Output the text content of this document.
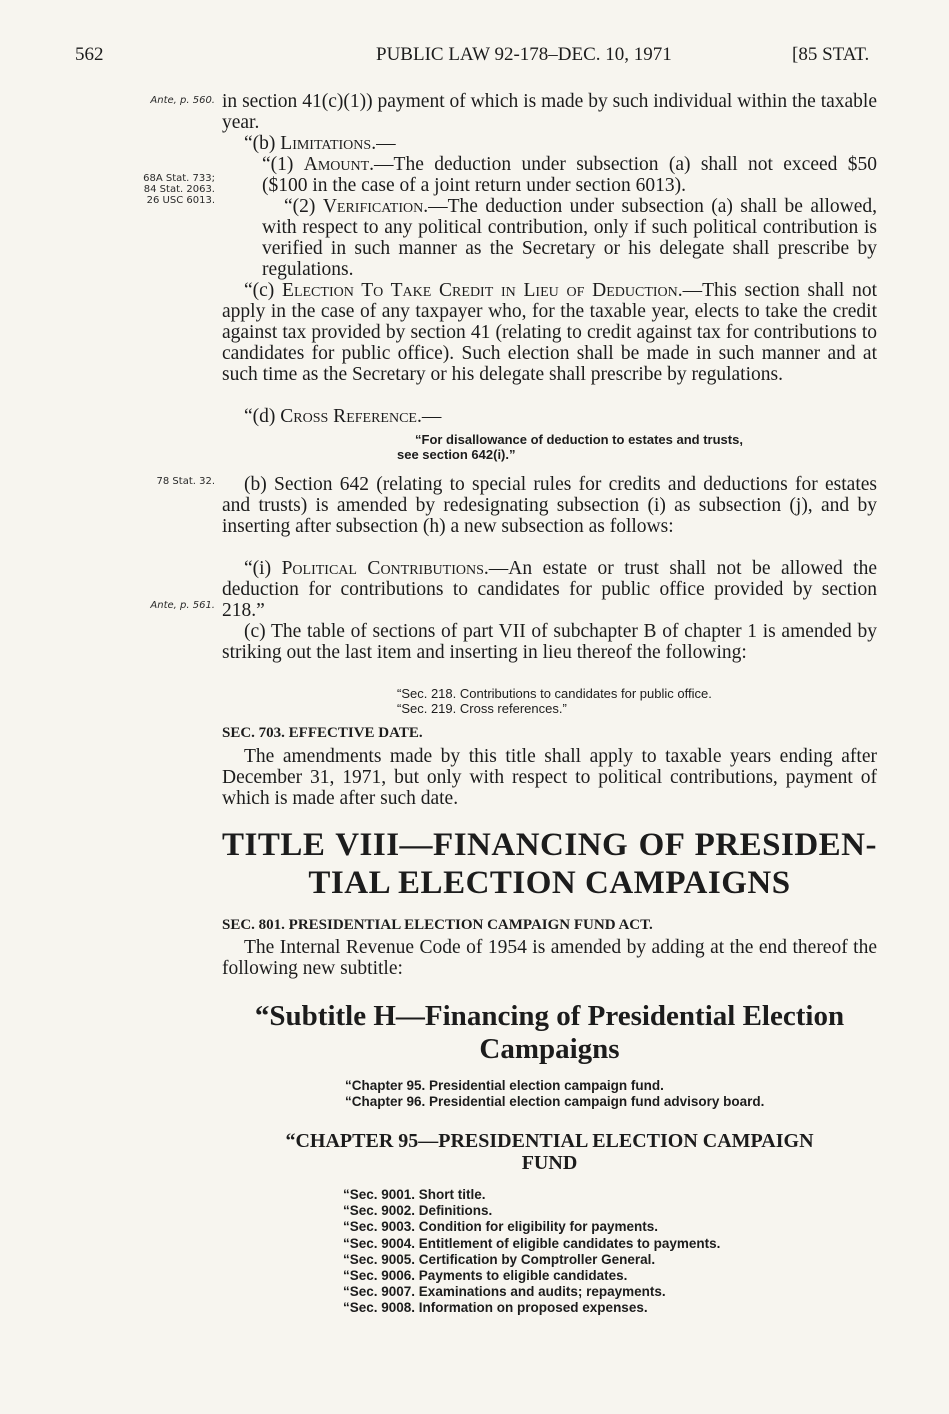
562	PUBLIC LAW 92-178–DEC. 10, 1971	[85 STAT.
Ante, p. 560.
68A Stat. 733;
84 Stat. 2063.
26 USC 6013.
78 Stat. 32.
Ante, p. 561.
in section 41(c)(1)) payment of which is made by such individual within the taxable year.
“(b) Limitations.—
“(1) Amount.—The deduction under subsection (a) shall not exceed $50 ($100 in the case of a joint return under section 6013).
“(2) Verification.—The deduction under subsection (a) shall be allowed, with respect to any political contribution, only if such political contribution is verified in such manner as the Secretary or his delegate shall prescribe by regulations.
“(c) Election To Take Credit in Lieu of Deduction.—This section shall not apply in the case of any taxpayer who, for the taxable year, elects to take the credit against tax provided by section 41 (relating to credit against tax for contributions to candidates for public office). Such election shall be made in such manner and at such time as the Secretary or his delegate shall prescribe by regulations.
“(d) Cross Reference.—
“For disallowance of deduction to estates and trusts,
see section 642(i).”
(b) Section 642 (relating to special rules for credits and deductions for estates and trusts) is amended by redesignating subsection (i) as subsection (j), and by inserting after subsection (h) a new subsection as follows:
“(i) Political Contributions.—An estate or trust shall not be allowed the deduction for contributions to candidates for public office provided by section 218.”
(c) The table of sections of part VII of subchapter B of chapter 1 is amended by striking out the last item and inserting in lieu thereof the following:
“Sec. 218. Contributions to candidates for public office.
“Sec. 219. Cross references.”
SEC. 703. EFFECTIVE DATE.
The amendments made by this title shall apply to taxable years ending after December 31, 1971, but only with respect to political contributions, payment of which is made after such date.
TITLE VIII—FINANCING OF PRESIDEN-
TIAL ELECTION CAMPAIGNS
SEC. 801. PRESIDENTIAL ELECTION CAMPAIGN FUND ACT.
The Internal Revenue Code of 1954 is amended by adding at the end thereof the following new subtitle:
“Subtitle H—Financing of Presidential Election
Campaigns
“Chapter 95. Presidential election campaign fund.
“Chapter 96. Presidential election campaign fund advisory board.
“CHAPTER 95—PRESIDENTIAL ELECTION CAMPAIGN
FUND
“Sec. 9001. Short title.
“Sec. 9002. Definitions.
“Sec. 9003. Condition for eligibility for payments.
“Sec. 9004. Entitlement of eligible candidates to payments.
“Sec. 9005. Certification by Comptroller General.
“Sec. 9006. Payments to eligible candidates.
“Sec. 9007. Examinations and audits; repayments.
“Sec. 9008. Information on proposed expenses.
